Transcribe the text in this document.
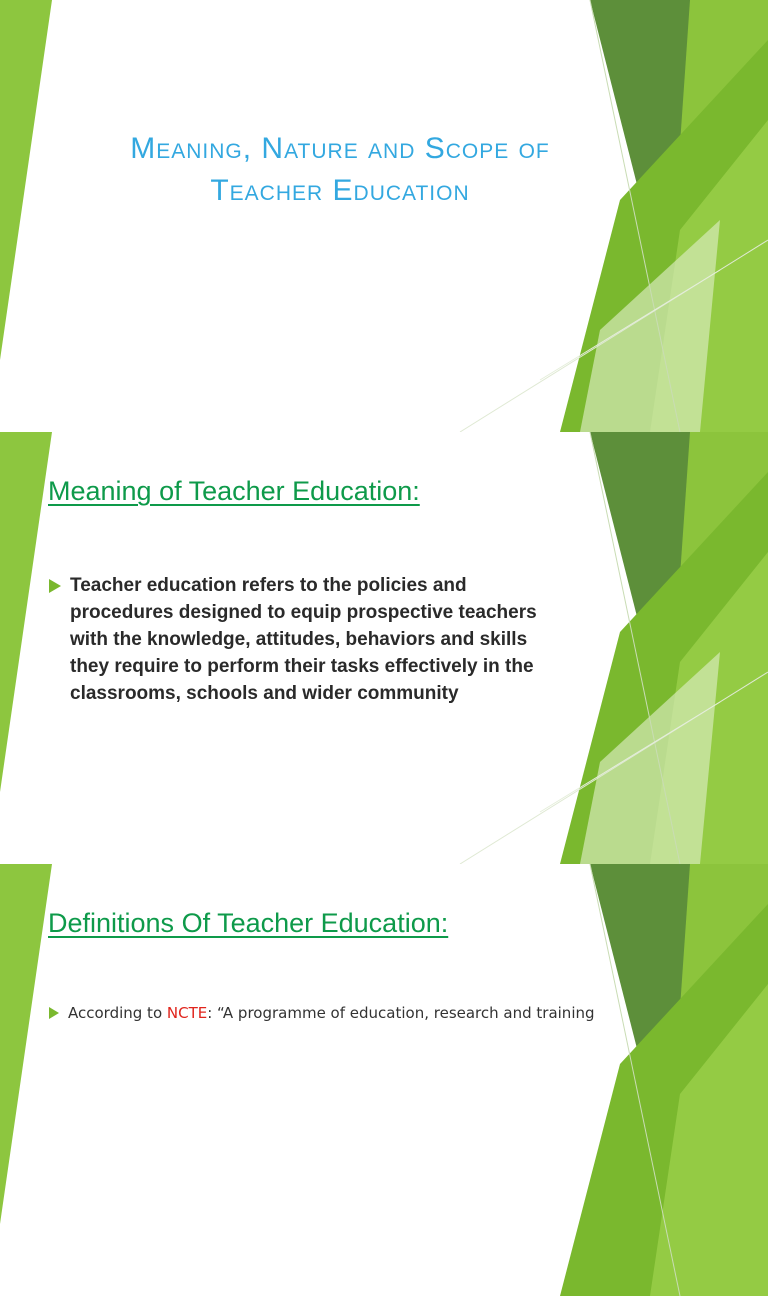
Meaning, Nature and Scope of Teacher Education
Meaning of Teacher Education:
Teacher education refers to the policies and procedures designed to equip prospective teachers with the knowledge, attitudes, behaviors and skills they require to perform their tasks effectively in the classrooms, schools and wider community
Definitions Of Teacher Education:
According to NCTE: “A programme of education, research and training
